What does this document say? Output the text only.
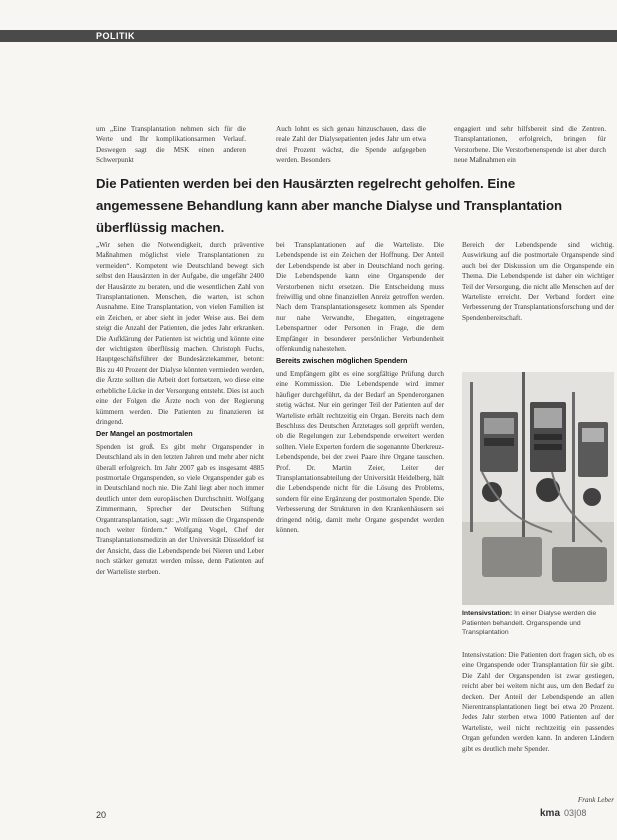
POLITIK

um „Eine Transplantation nehmen sich für die Werte und Ihr komplikationsarmen Verlauf. Deswegen sagt die MSK einen anderen Schwerpunkt

Auch lohnt es sich genau hinzuschauen, dass die reale Zahl der Dialysepatienten jedes Jahr um etwa drei Prozent wächst, die Spende aufgegeben werden. Besonders

engagiert und sehr hilfsbereit sind die Zentren. Transplantationen, erfolgreich, bringen für Verstorbene. Die Verstorbenenspende ist aber durch neue Maßnahmen ein

Die Patienten werden bei den Hausärzten regelrecht geholfen. Eine angemessene Behandlung kann aber manche Dialyse und Transplantation überflüssig machen.

„Wir sehen die Notwendigkeit, durch präventive Maßnahmen möglichst viele Transplantationen zu vermeiden“. Kompetent wie Deutschland bewegt sich selbst den Hausärzten in der Aufgabe, die ungefähr 2400 der Hausärzte zu beraten, und die wesentlichen Zahl von Transplantationen. Menschen, die warten, ist schon Ausnahme. Eine Transplantation, von vielen Familien ist ein Zeichen, er aber sieht in jeder Weise aus. Bei dem steigt die Anzahl der Patienten, die jedes Jahr erkranken. Die Aufklärung der Patienten ist wichtig und könnte eine der wichtigsten überflüssig machen. Christoph Fuchs, Hauptgeschäftsführer der Bundesärztekammer, betont: Bis zu 40 Prozent der Dialyse könnten vermieden werden, die Ärzte sollten die Arbeit dort fortsetzen, wo diese eine erhebliche Lücke in der Versorgung entsteht. Dies ist auch eine der Folgen die Ärzte noch von der Regierung kümmern werden. Die Patienten zu finanzieren ist dringend.

Der Mangel an postmortalen

Spenden ist groß. Es gibt mehr Organspender in Deutschland als in den letzten Jahren und mehr aber nicht überall erfolgreich. Im Jahr 2007 gab es insgesamt 4885 postmortale Organspenden, so viele Organspender gab es in Deutschland noch nie. Die Zahl liegt aber noch immer deutlich unter dem europäischen Durchschnitt. Wolfgang Zimmermann, Sprecher der Deutschen Stiftung Organtransplantation, sagt: „Wir müssen die Organspende noch weiter fördern.“ Wolfgang Vogel, Chef der Transplantationsmedizin an der Universität Düsseldorf ist der Ansicht, dass die Lebendspende bei Nieren und Leber noch stärker genutzt werden müsse, denn Patienten auf der Warteliste sterben.

bei Transplantationen auf die Warteliste. Die Lebendspende ist ein Zeichen der Hoffnung. Der Anteil der Lebendspende ist aber in Deutschland noch gering. Die Lebendspende kann eine Organspende der Verstorbenen nicht ersetzen. Die Entscheidung muss freiwillig und ohne finanziellen Anreiz getroffen werden. Nach dem Transplantationsgesetz kommen als Spender nur nahe Verwandte, Ehegatten, eingetragene Lebenspartner oder Personen in Frage, die dem Empfänger in besonderer persönlicher Verbundenheit offenkundig nahestehen.

Bereits zwischen möglichen Spendern

und Empfängern gibt es eine sorgfältige Prüfung durch eine Kommission. Die Lebendspende wird immer häufiger durchgeführt, da der Bedarf an Spenderorganen stetig wächst. Nur ein geringer Teil der Patienten auf der Warteliste erhält rechtzeitig ein Organ. Bereits nach dem Beschluss des Deutschen Ärztetages soll geprüft werden, ob die Regelungen zur Lebendspende erweitert werden sollten. Viele Experten fordern die sogenannte Überkreuz-Lebendspende, bei der zwei Paare ihre Organe tauschen. Prof. Dr. Martin Zeier, Leiter der Transplantationsabteilung der Universität Heidelberg, hält die Lebendspende nicht für die Lösung des Problems, sondern für eine Ergänzung der postmortalen Spende. Die Verbesserung der Strukturen in den Krankenhäusern sei dringend nötig, damit mehr Organe gespendet werden können.

Bereich der Lebendspende sind wichtig. Auswirkung auf die postmortale Organspende sind auch bei der Diskussion um die Organspende ein Thema. Die Lebendspende ist daher ein wichtiger Teil der Versorgung, die nicht alle Menschen auf der Warteliste erreicht. Der Verband fordert eine Verbesserung der Transplantationsforschung und der Spendenbereitschaft.

Intensivstation: In einer Dialyse werden die Patienten behandelt. Organspende und Transplantation

Intensivstation: Die Patienten dort fragen sich, ob es eine Organspende oder Transplantation für sie gibt. Die Zahl der Organspenden ist zwar gestiegen, reicht aber bei weitem nicht aus, um den Bedarf zu decken. Der Anteil der Lebendspende an allen Nierentransplantationen liegt bei etwa 20 Prozent. Jedes Jahr sterben etwa 1000 Patienten auf der Warteliste, weil nicht rechtzeitig ein passendes Organ gefunden werden kann. In anderen Ländern gibt es deutlich mehr Spender.

Frank Leber
20	kma 03|08
